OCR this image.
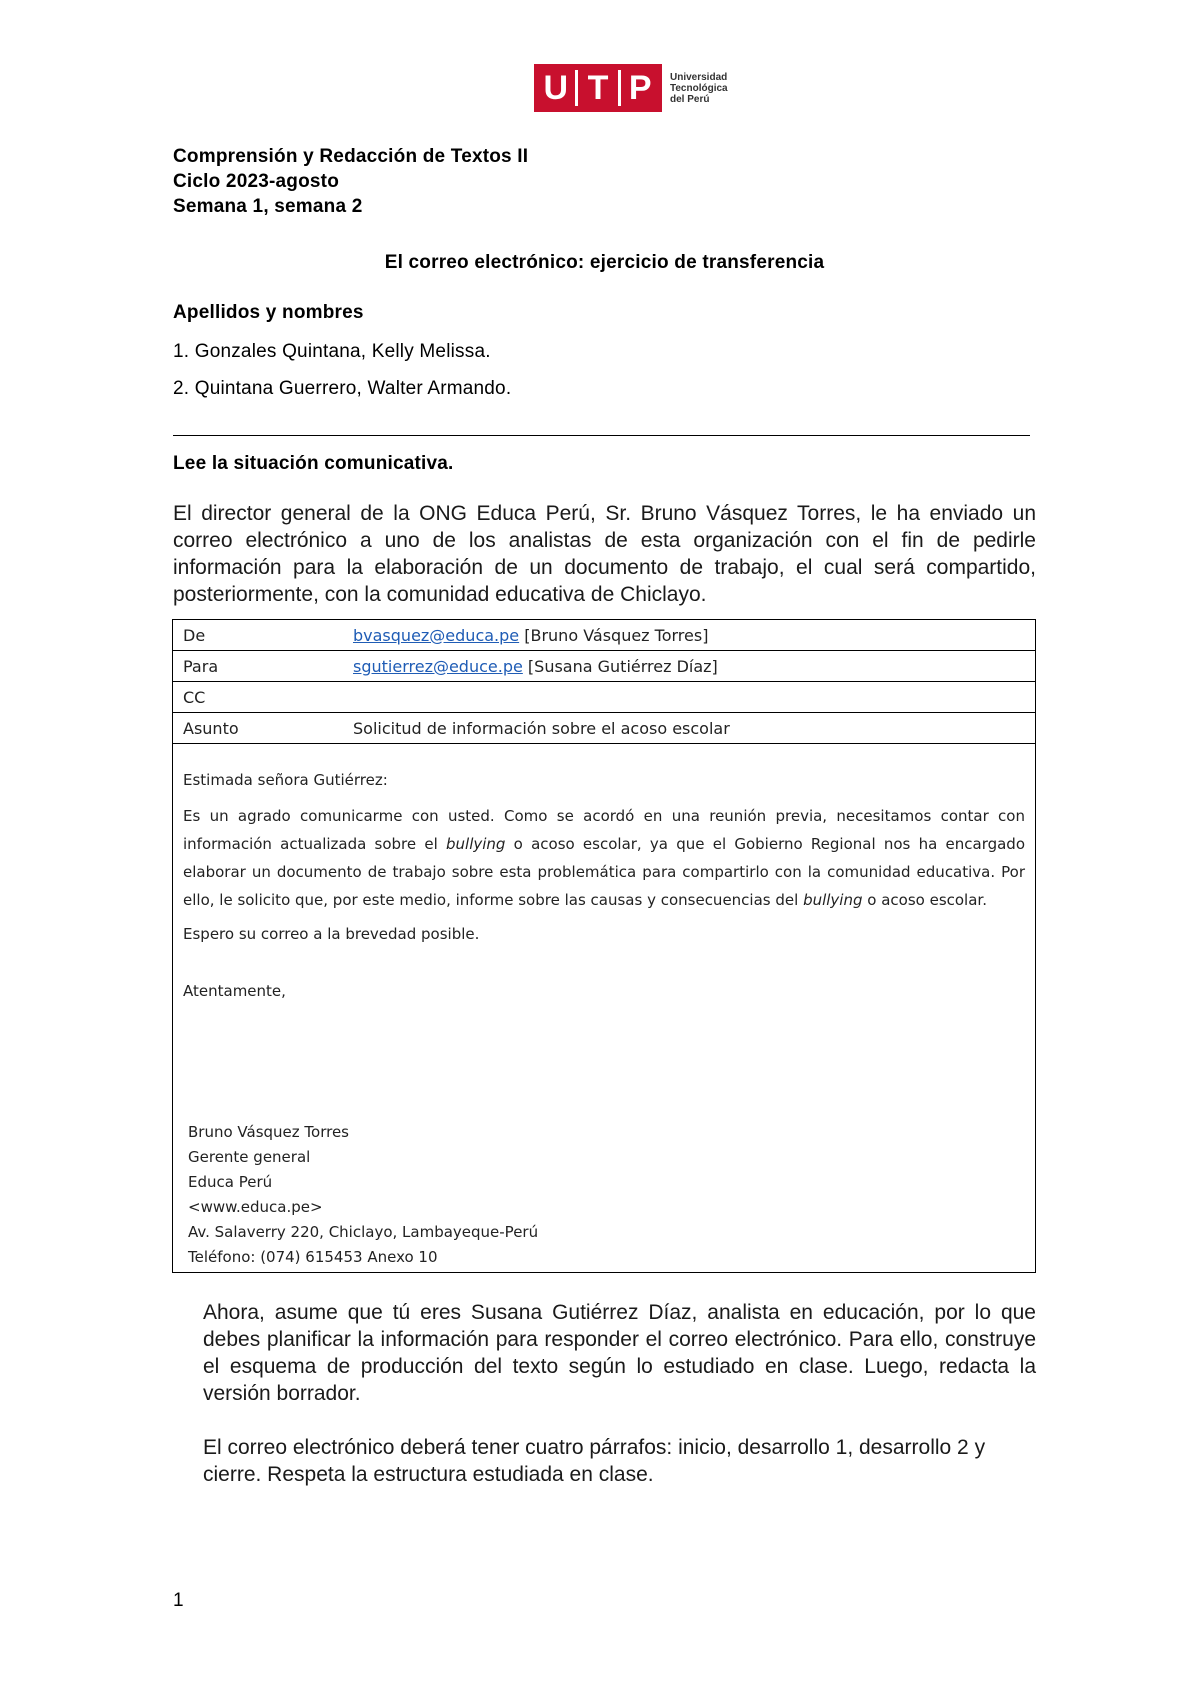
U T P	Universidad
Tecnológica
del Perú
Comprensión y Redacción de Textos II
Ciclo 2023-agosto
Semana 1, semana 2
El correo electrónico: ejercicio de transferencia
Apellidos y nombres
1. Gonzales Quintana, Kelly Melissa.
2. Quintana Guerrero, Walter Armando.
Lee la situación comunicativa.
El director general de la ONG Educa Perú, Sr. Bruno Vásquez Torres, le ha enviado un correo electrónico a uno de los analistas de esta organización con el fin de pedirle información para la elaboración de un documento de trabajo, el cual será compartido, posteriormente, con la comunidad educativa de Chiclayo.
De	bvasquez@educa.pe [Bruno Vásquez Torres]
Para	sgutierrez@educe.pe [Susana Gutiérrez Díaz]
CC
Asunto	Solicitud de información sobre el acoso escolar

Estimada señora Gutiérrez:

Es un agrado comunicarme con usted. Como se acordó en una reunión previa, necesitamos contar con información actualizada sobre el bullying o acoso escolar, ya que el Gobierno Regional nos ha encargado elaborar un documento de trabajo sobre esta problemática para compartirlo con la comunidad educativa. Por ello, le solicito que, por este medio, informe sobre las causas y consecuencias del bullying o acoso escolar.

Espero su correo a la brevedad posible.

Atentamente,

Bruno Vásquez Torres
Gerente general
Educa Perú
<www.educa.pe>
Av. Salaverry 220, Chiclayo, Lambayeque-Perú
Teléfono: (074) 615453 Anexo 10
Ahora, asume que tú eres Susana Gutiérrez Díaz, analista en educación, por lo que debes planificar la información para responder el correo electrónico. Para ello, construye el esquema de producción del texto según lo estudiado en clase. Luego, redacta la versión borrador.
El correo electrónico deberá tener cuatro párrafos: inicio, desarrollo 1, desarrollo 2 y cierre. Respeta la estructura estudiada en clase.
1
